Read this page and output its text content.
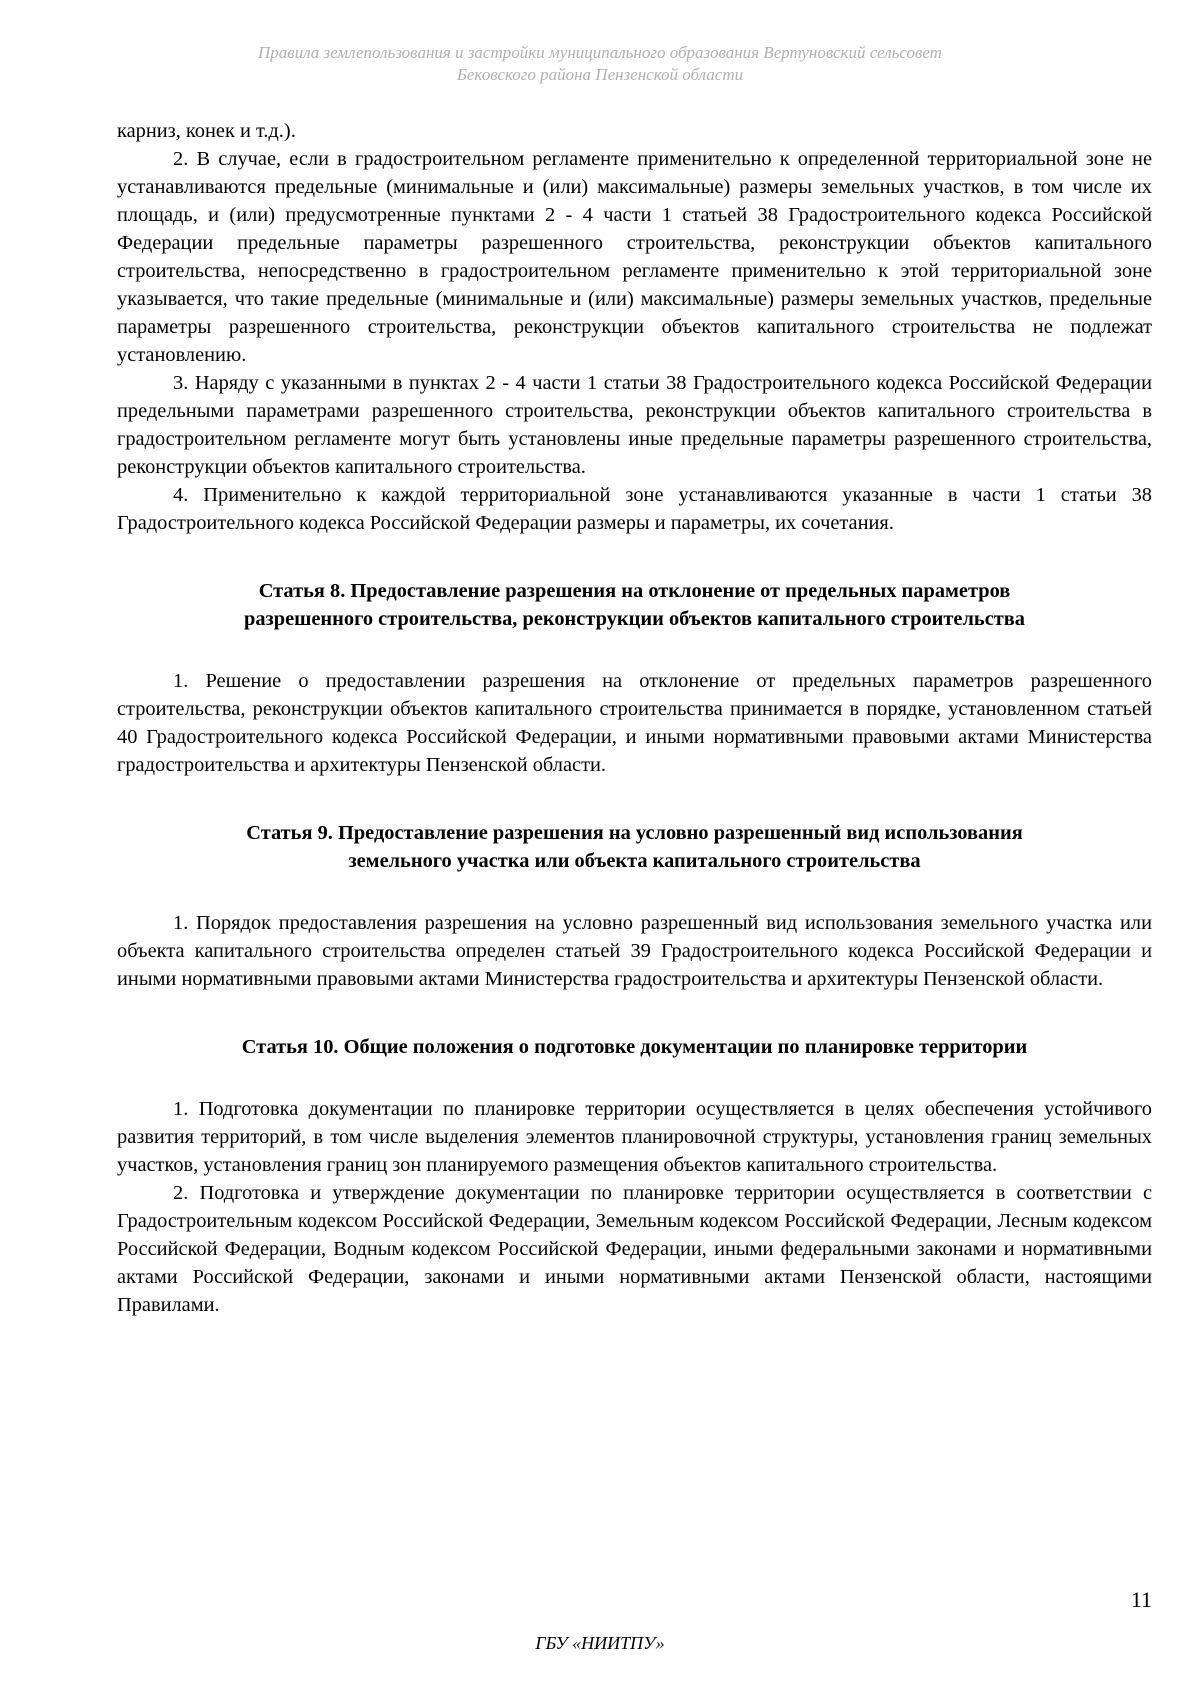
Правила землепользования и застройки муниципального образования Вертуновский сельсовет
Бековского района Пензенской области

карниз, конек и т.д.).

2. В случае, если в градостроительном регламенте применительно к определенной территориальной зоне не устанавливаются предельные (минимальные и (или) максимальные) размеры земельных участков, в том числе их площадь, и (или) предусмотренные пунктами 2 - 4 части 1 статьей 38 Градостроительного кодекса Российской Федерации предельные параметры разрешенного строительства, реконструкции объектов капитального строительства, непосредственно в градостроительном регламенте применительно к этой территориальной зоне указывается, что такие предельные (минимальные и (или) максимальные) размеры земельных участков, предельные параметры разрешенного строительства, реконструкции объектов капитального строительства не подлежат установлению.

3. Наряду с указанными в пунктах 2 - 4 части 1 статьи 38 Градостроительного кодекса Российской Федерации предельными параметрами разрешенного строительства, реконструкции объектов капитального строительства в градостроительном регламенте могут быть установлены иные предельные параметры разрешенного строительства, реконструкции объектов капитального строительства.

4. Применительно к каждой территориальной зоне устанавливаются указанные в части 1 статьи 38 Градостроительного кодекса Российской Федерации размеры и параметры, их сочетания.

Статья 8. Предоставление разрешения на отклонение от предельных параметров
разрешенного строительства, реконструкции объектов капитального строительства

1. Решение о предоставлении разрешения на отклонение от предельных параметров разрешенного строительства, реконструкции объектов капитального строительства принимается в порядке, установленном статьей 40 Градостроительного кодекса Российской Федерации, и иными нормативными правовыми актами Министерства градостроительства и архитектуры Пензенской области.

Статья 9. Предоставление разрешения на условно разрешенный вид использования
земельного участка или объекта капитального строительства

1. Порядок предоставления разрешения на условно разрешенный вид использования земельного участка или объекта капитального строительства определен статьей 39 Градостроительного кодекса Российской Федерации и иными нормативными правовыми актами Министерства градостроительства и архитектуры Пензенской области.

Статья 10. Общие положения о подготовке документации по планировке территории

1. Подготовка документации по планировке территории осуществляется в целях обеспечения устойчивого развития территорий, в том числе выделения элементов планировочной структуры, установления границ земельных участков, установления границ зон планируемого размещения объектов капитального строительства.

2. Подготовка и утверждение документации по планировке территории осуществляется в соответствии с Градостроительным кодексом Российской Федерации, Земельным кодексом Российской Федерации, Лесным кодексом Российской Федерации, Водным кодексом Российской Федерации, иными федеральными законами и нормативными актами Российской Федерации, законами и иными нормативными актами Пензенской области, настоящими Правилами.

11
ГБУ «НИИТПУ»
